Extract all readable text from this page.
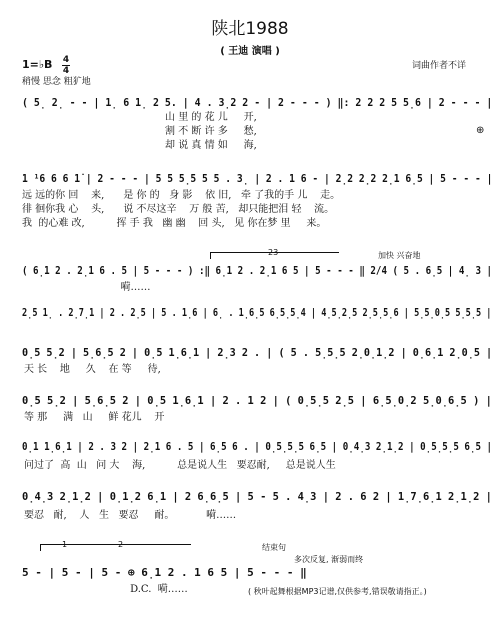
陕北1988
( 王迪 演唱 )
1=♭B 4
4
稍慢 思念 粗犷地
词曲作者不详
( 5̣ 2̣ - - | 1̣ 6 1̣ 2 5. | 4 . 3̣2 2 - | 2 - - - ) ‖: 2 2 2 5 5̣6 | 2 - - - |
⊕
山 里 的 花 儿     开,
割 不 断 许 多     愁,
却 说 真 情 如     海,
1 ¹6 6 6 1̇ | 2 - - - | 5 5 5̣5 5 5 . 3̣ | 2 . 1 6 - | 2̣2 2̣2 2̣1 6̣5 | 5 - - - |
远 远的你 回    来,      是 你 的   身 影    依 旧,   牵 了我的手 儿    走。
徘 徊你我 心    头,      说 不尽这辛    万 般 苦,   却只能把泪 轻    流。
我  的心难 改,          挥 手 我   幽 幽    回 头,   见 你在梦 里     来。
23	加快 兴奋地
( 6̣1 2 . 2̣1 6 . 5 | 5 - - - ) :‖ 6̣1 2 . 2̣1 6 5 | 5 - - - ‖ 2/4 ( 5 . 6̣5 | 4̣ 3 |
嗬……
2̣5 1̣ . 2̣7̣1 | 2 . 2̣5 | 5 . 1̣6 | 6̣ . 1̣6̣5 6̣5̣5̣4 | 4̣5̣2̣5 2̣5̣5̣6 | 5̣5̣0̣5 5̣5̣5 |
0̣5 5̣2 | 5̣6̣5 2 | 0̣5 1̣6̣1 | 2̣3 2 . | ( 5 . 5̣5̣5 2̣0̣1̣2 | 0̣6̣1 2̣0̣5 |
天 长    地     久    在 等     待,
0̣5 5̣2 | 5̣6̣5 2 | 0̣5 1̣6̣1 | 2 . 1 2 | ( 0̣5̣5 2̣5 | 6̣5̣0̣2 5̣0̣6̣5 ) |
等 那     满   山     鲜 花儿    开
0̣1 1̣6̣1 | 2 . 3 2 | 2̣1 6 . 5 | 6̣5 6 . | 0̣5̣5̣5 6̣5 | 0̣4̣3 2̣1̣2 | 0̣5̣5̣5 6̣5 |
问过了  高  山   问 大    海,          总是说人生   要忍耐,     总是说人生
0̣4̣3 2̣1̣2 | 0̣1̣2 6̣1 | 2 6̣6̣5 | 5 - 5 . 4̣3 | 2 . 6 2 | 1̣7̣6̣1 2̣1̣2 |
要忍   耐,    人   生   要忍     耐。          嗬……
1	2	结束句
多次反复, 渐弱而终
5 - | 5 - | 5 - ⊕ 6̣1 2 . 1 6 5 | 5 - - - ‖
D.C.  嗬……	( 秋叶起舞根据MP3记谱,仅供参考,错误敬请指正。)
